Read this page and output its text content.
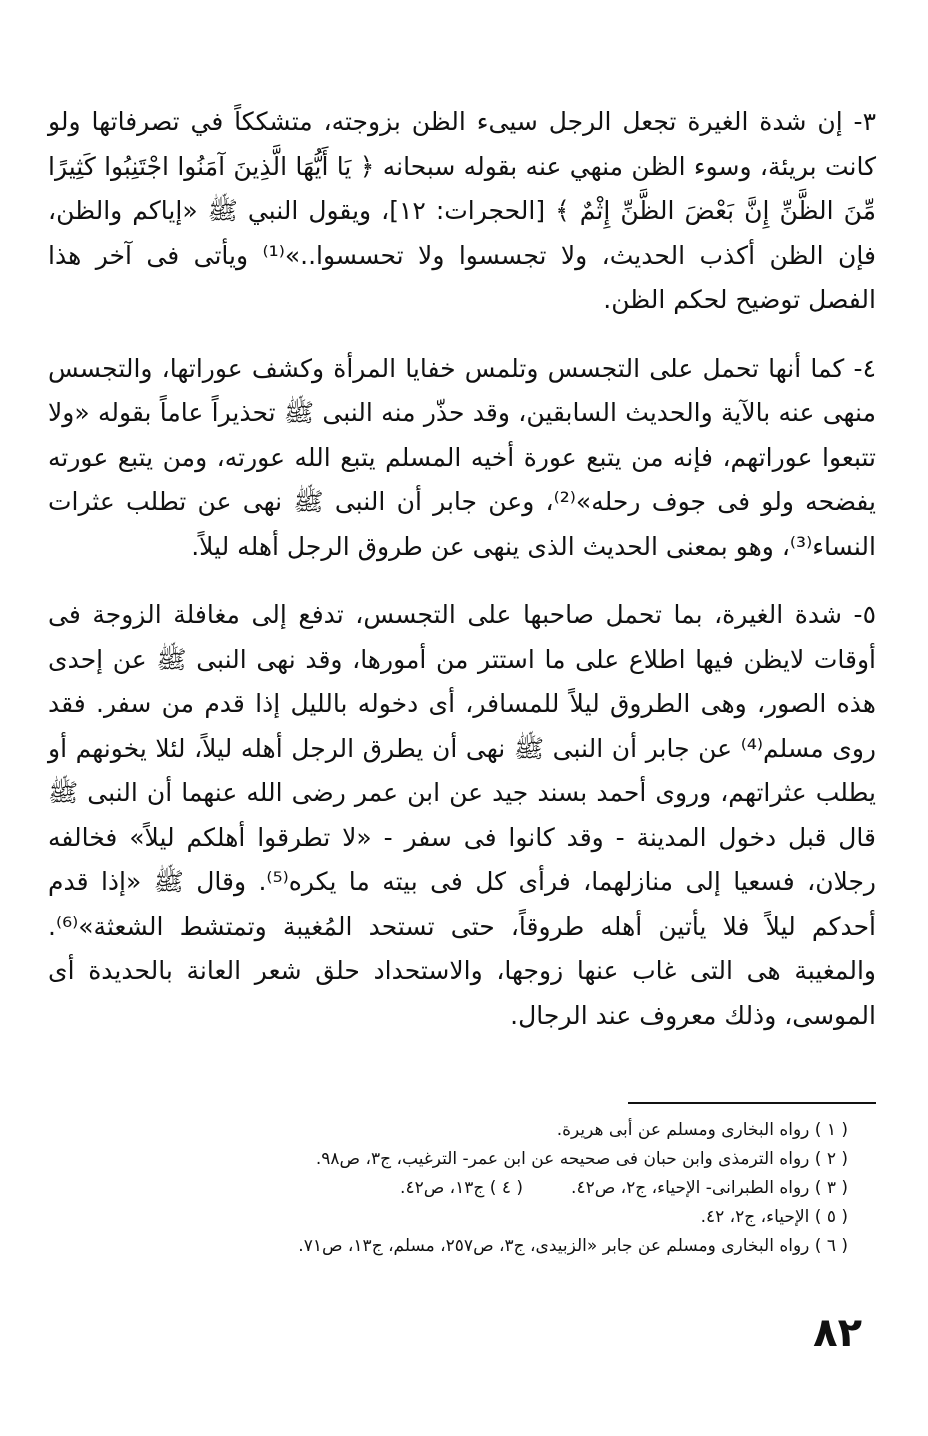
٣- إن شدة الغيرة تجعل الرجل سيىء الظن بزوجته، متشككاً في تصرفاتها ولو كانت بريئة، وسوء الظن منهي عنه بقوله سبحانه ﴿ يَا أَيُّهَا الَّذِينَ آمَنُوا اجْتَنِبُوا كَثِيرًا مِّنَ الظَّنِّ إِنَّ بَعْضَ الظَّنِّ إِثْمٌ ﴾ [الحجرات: ١٢]، ويقول النبي ﷺ «إياكم والظن، فإن الظن أكذب الحديث، ولا تجسسوا ولا تحسسوا..»⁽¹⁾ ويأتى فى آخر هذا الفصل توضيح لحكم الظن.

٤- كما أنها تحمل على التجسس وتلمس خفايا المرأة وكشف عوراتها، والتجسس منهى عنه بالآية والحديث السابقين، وقد حذّر منه النبى ﷺ تحذيراً عاماً بقوله «ولا تتبعوا عوراتهم، فإنه من يتبع عورة أخيه المسلم يتبع الله عورته، ومن يتبع عورته يفضحه ولو فى جوف رحله»⁽²⁾، وعن جابر أن النبى ﷺ نهى عن تطلب عثرات النساء⁽³⁾، وهو بمعنى الحديث الذى ينهى عن طروق الرجل أهله ليلاً.

٥- شدة الغيرة، بما تحمل صاحبها على التجسس، تدفع إلى مغافلة الزوجة فى أوقات لايظن فيها اطلاع على ما استتر من أمورها، وقد نهى النبى ﷺ عن إحدى هذه الصور، وهى الطروق ليلاً للمسافر، أى دخوله بالليل إذا قدم من سفر. فقد روى مسلم⁽⁴⁾ عن جابر أن النبى ﷺ نهى أن يطرق الرجل أهله ليلاً، لئلا يخونهم أو يطلب عثراتهم، وروى أحمد بسند جيد عن ابن عمر رضى الله عنهما أن النبى ﷺ قال قبل دخول المدينة - وقد كانوا فى سفر - «لا تطرقوا أهلكم ليلاً» فخالفه رجلان، فسعيا إلى منازلهما، فرأى كل فى بيته ما يكره⁽⁵⁾. وقال ﷺ «إذا قدم أحدكم ليلاً فلا يأتين أهله طروقاً، حتى تستحد المُغيبة وتمتشط الشعثة»⁽⁶⁾. والمغيبة هى التى غاب عنها زوجها، والاستحداد حلق شعر العانة بالحديدة أى الموسى، وذلك معروف عند الرجال.

( ١ ) رواه البخارى ومسلم عن أبى هريرة.
( ٢ ) رواه الترمذى وابن حبان فى صحيحه عن ابن عمر- الترغيب، ج٣، ص٩٨.
( ٣ ) رواه الطبرانى- الإحياء، ج٢، ص٤٢.
( ٤ ) ج١٣، ص٤٢.
( ٥ ) الإحياء، ج٢، ٤٢.
( ٦ ) رواه البخارى ومسلم عن جابر «الزبيدى، ج٣، ص٢٥٧، مسلم، ج١٣، ص٧١.
٨٢
